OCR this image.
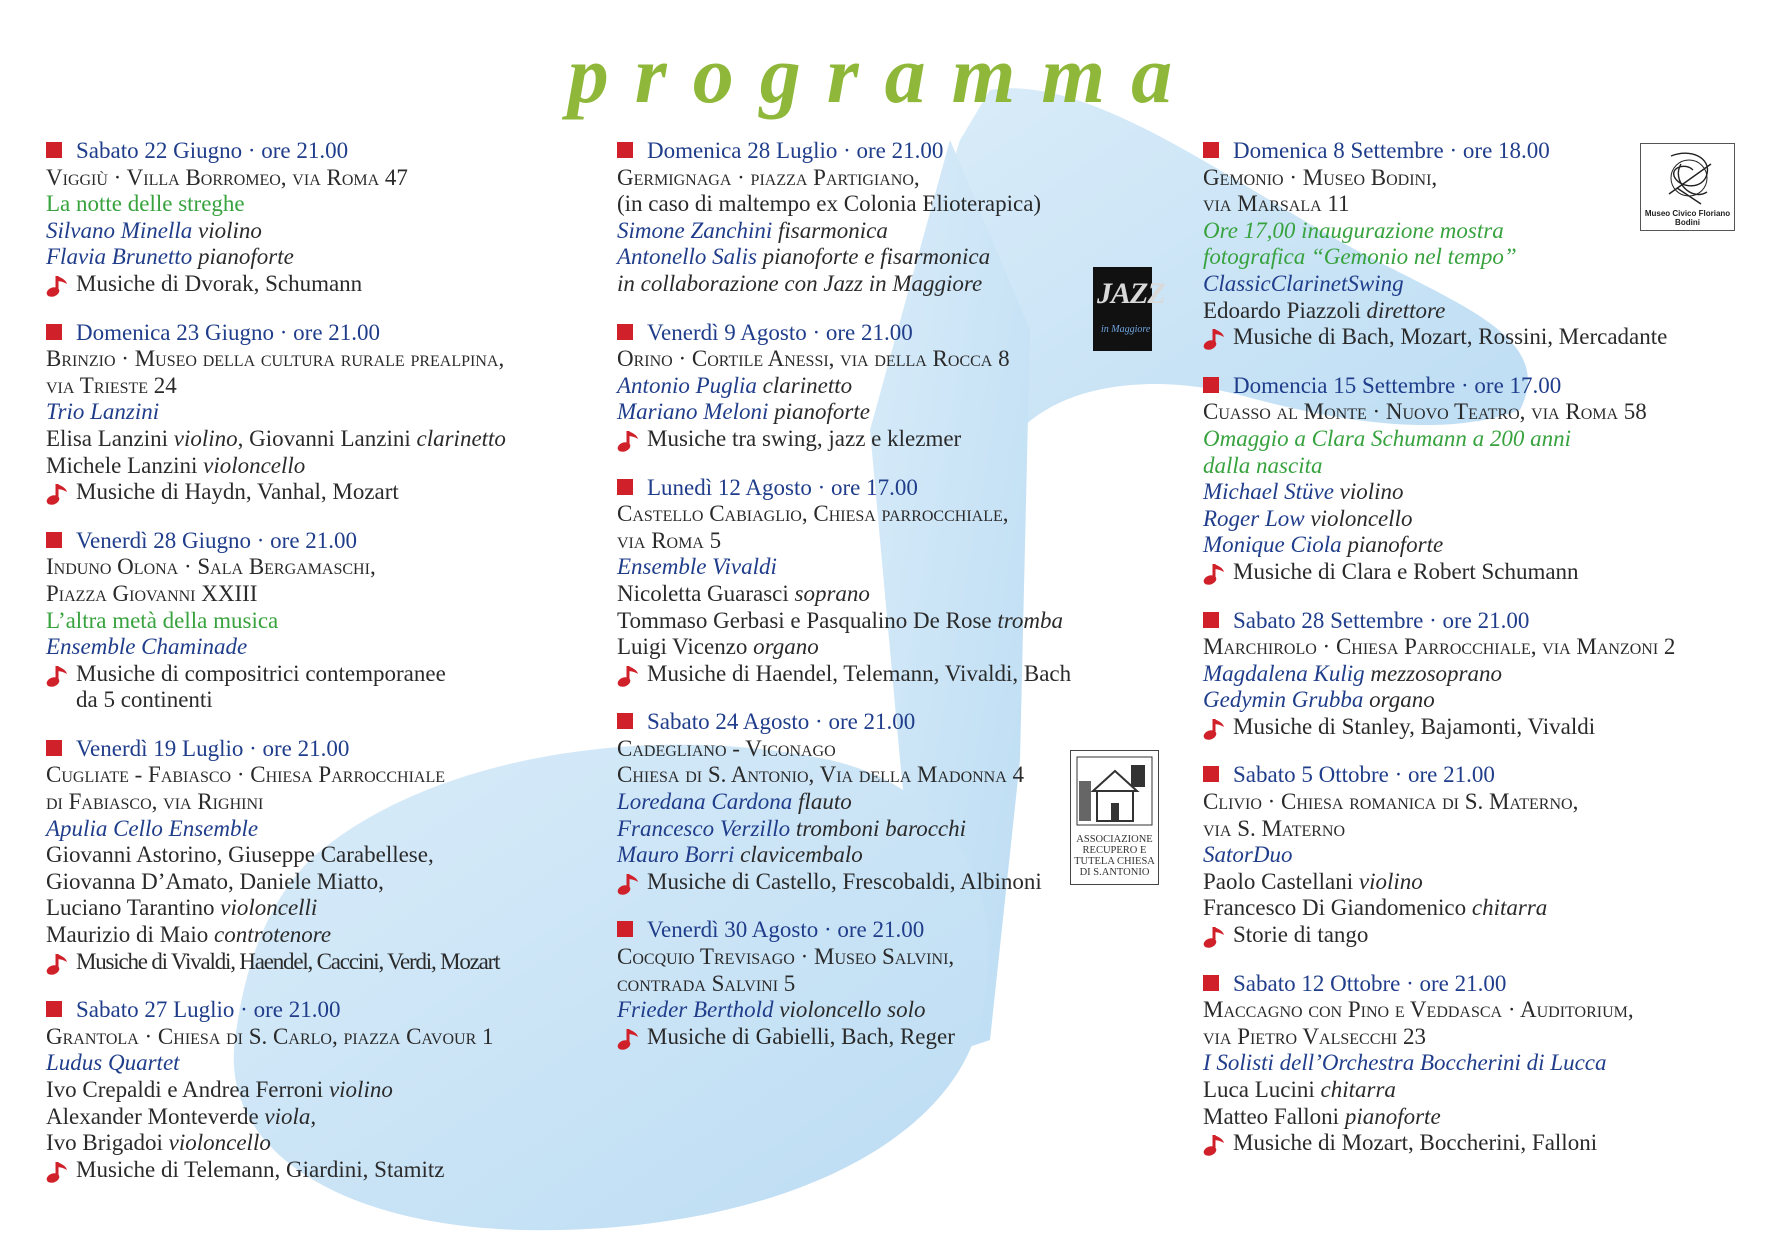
programma
Sabato 22 Giugno · ore 21.00
Viggiù · Villa Borromeo, via Roma 47
La notte delle streghe
Silvano Minella violino
Flavia Brunetto pianoforte
Musiche di Dvorak, Schumann
Domenica 23 Giugno · ore 21.00
Brinzio · Museo della cultura rurale prealpina,
via Trieste 24
Trio Lanzini
Elisa Lanzini violino, Giovanni Lanzini clarinetto
Michele Lanzini violoncello
Musiche di Haydn, Vanhal, Mozart
Venerdì 28 Giugno · ore 21.00
Induno Olona · Sala Bergamaschi,
Piazza Giovanni XXIII
L’altra metà della musica
Ensemble Chaminade
Musiche di compositrici contemporanee
da 5 continenti
Venerdì 19 Luglio · ore 21.00
Cugliate - Fabiasco · Chiesa Parrocchiale
di Fabiasco, via Righini
Apulia Cello Ensemble
Giovanni Astorino, Giuseppe Carabellese,
Giovanna D’Amato, Daniele Miatto,
Luciano Tarantino violoncelli
Maurizio di Maio controtenore
Musiche di Vivaldi, Haendel, Caccini, Verdi, Mozart
Sabato 27 Luglio · ore 21.00
Grantola · Chiesa di S. Carlo, piazza Cavour 1
Ludus Quartet
Ivo Crepaldi e Andrea Ferroni violino
Alexander Monteverde viola,
Ivo Brigadoi violoncello
Musiche di Telemann, Giardini, Stamitz
Domenica 28 Luglio · ore 21.00
Germignaga · piazza Partigiano,
(in caso di maltempo ex Colonia Elioterapica)
Simone Zanchini fisarmonica
Antonello Salis pianoforte e fisarmonica
in collaborazione con Jazz in Maggiore
Venerdì 9 Agosto · ore 21.00
Orino · Cortile Anessi, via della Rocca 8
Antonio Puglia clarinetto
Mariano Meloni pianoforte
Musiche tra swing, jazz e klezmer
Lunedì 12 Agosto · ore 17.00
Castello Cabiaglio, Chiesa parrocchiale,
via Roma 5
Ensemble Vivaldi
Nicoletta Guarasci soprano
Tommaso Gerbasi e Pasqualino De Rose tromba
Luigi Vicenzo organo
Musiche di Haendel, Telemann, Vivaldi, Bach
Sabato 24 Agosto · ore 21.00
Cadegliano - Viconago
Chiesa di S. Antonio, Via della Madonna 4
Loredana Cardona flauto
Francesco Verzillo tromboni barocchi
Mauro Borri clavicembalo
Musiche di Castello, Frescobaldi, Albinoni
Venerdì 30 Agosto · ore 21.00
Cocquio Trevisago · Museo Salvini,
contrada Salvini 5
Frieder Berthold violoncello solo
Musiche di Gabielli, Bach, Reger
Domenica 8 Settembre · ore 18.00
Gemonio · Museo Bodini,
via Marsala 11
Ore 17,00 inaugurazione mostra
fotografica “Gemonio nel tempo”
ClassicClarinetSwing
Edoardo Piazzoli direttore
Musiche di Bach, Mozart, Rossini, Mercadante
Domencia 15 Settembre · ore 17.00
Cuasso al Monte · Nuovo Teatro, via Roma 58
Omaggio a Clara Schumann a 200 anni
dalla nascita
Michael Stüve violino
Roger Low violoncello
Monique Ciola pianoforte
Musiche di Clara e Robert Schumann
Sabato 28 Settembre · ore 21.00
Marchirolo · Chiesa Parrocchiale, via Manzoni 2
Magdalena Kulig mezzosoprano
Gedymin Grubba organo
Musiche di Stanley, Bajamonti, Vivaldi
Sabato 5 Ottobre · ore 21.00
Clivio · Chiesa romanica di S. Materno,
via S. Materno
SatorDuo
Paolo Castellani violino
Francesco Di Giandomenico chitarra
Storie di tango
Sabato 12 Ottobre · ore 21.00
Maccagno con Pino e Veddasca · Auditorium,
via Pietro Valsecchi 23
I Solisti dell’Orchestra Boccherini di Lucca
Luca Lucini chitarra
Matteo Falloni pianoforte
Musiche di Mozart, Boccherini, Falloni
JAZZ
in Maggiore
ASSOCIAZIONE RECUPERO E TUTELA CHIESA DI S.ANTONIO
Museo Civico Floriano Bodini
